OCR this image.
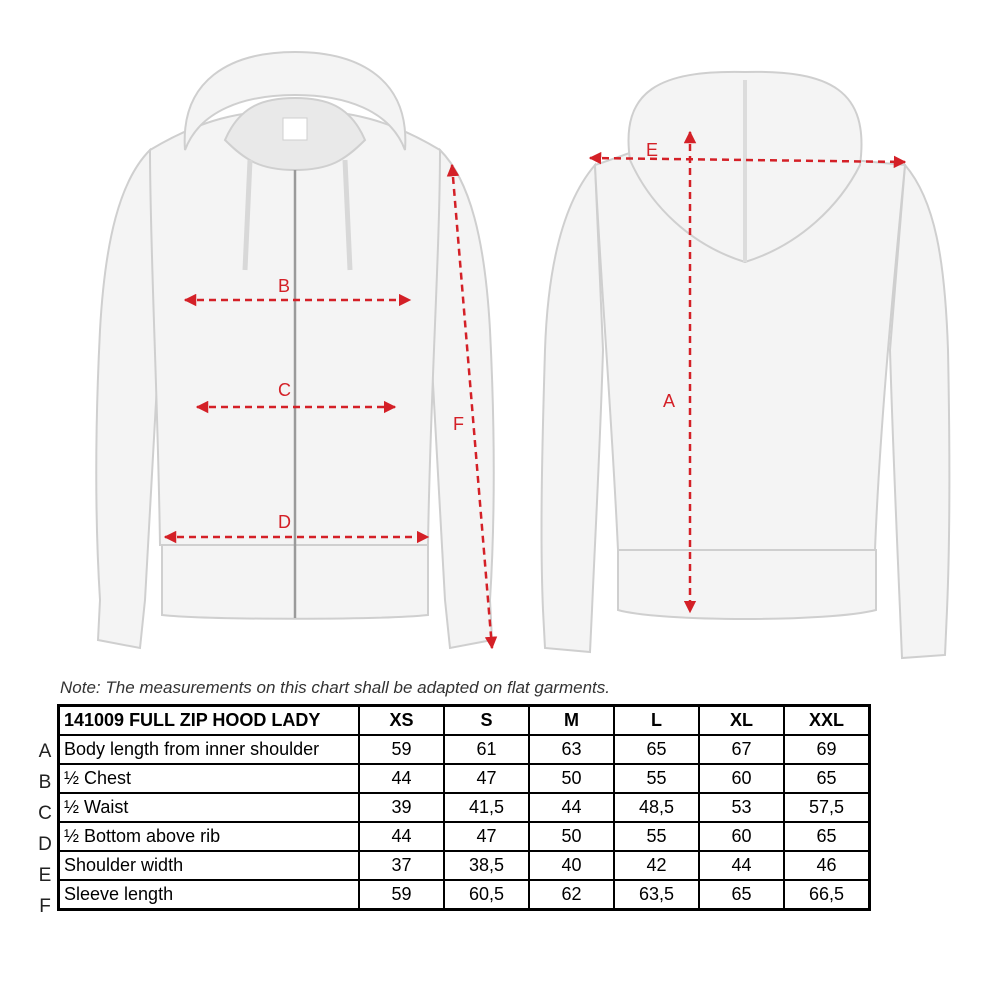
B
C
D
F
E
A
Note: The measurements on this chart shall be adapted on flat garments.
A
B
C
D
E
F
141009 FULL ZIP HOOD LADY	XS	S	M	L	XL	XXL
Body length from inner shoulder	59	61	63	65	67	69
½ Chest	44	47	50	55	60	65
½ Waist	39	41,5	44	48,5	53	57,5
½ Bottom above rib	44	47	50	55	60	65
Shoulder width	37	38,5	40	42	44	46
Sleeve length	59	60,5	62	63,5	65	66,5
